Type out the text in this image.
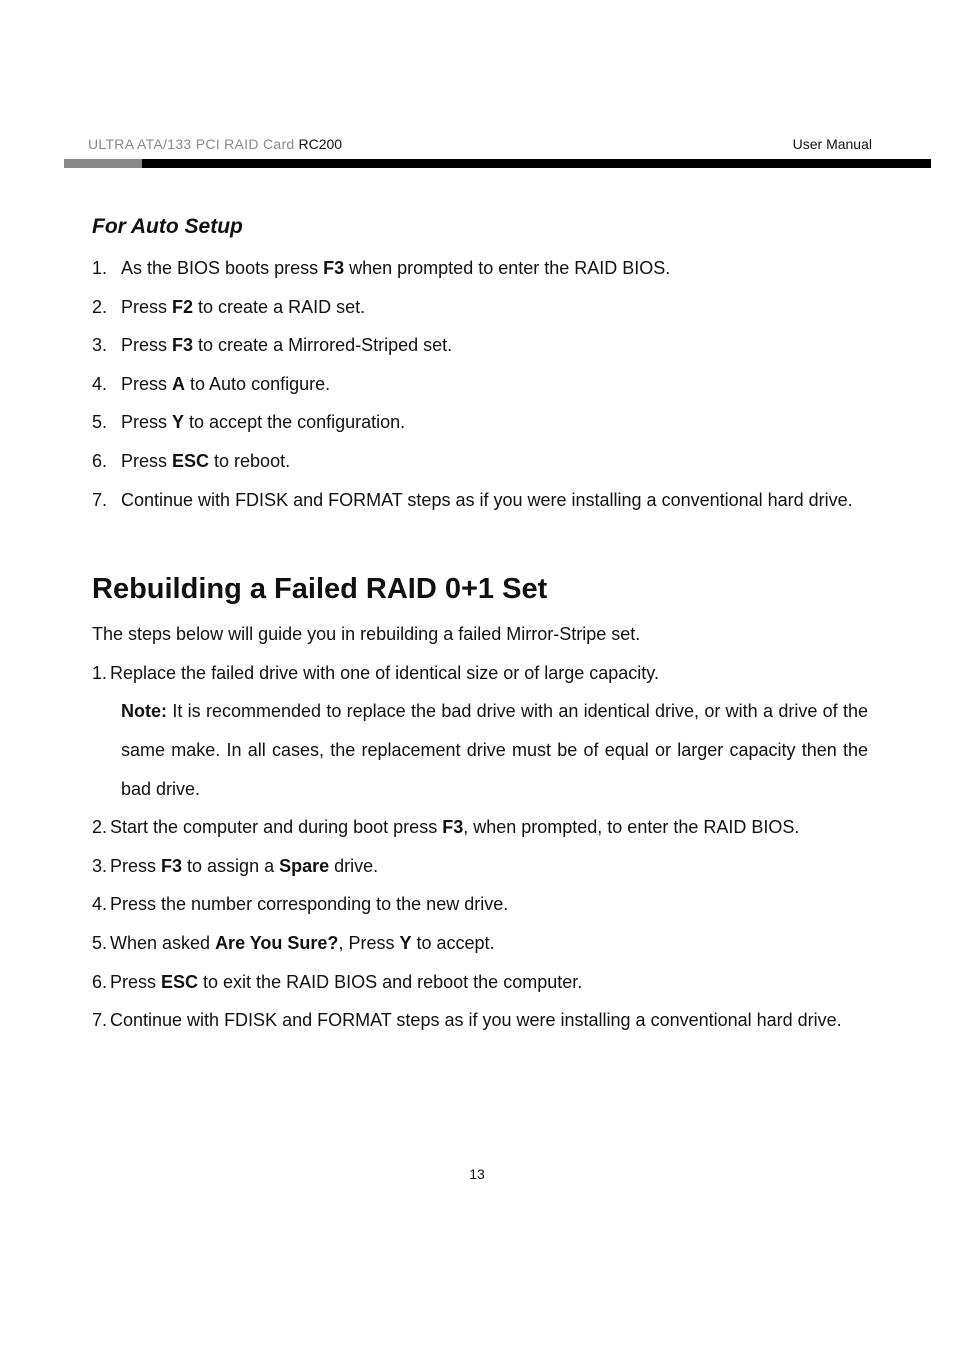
ULTRA ATA/133 PCI RAID Card RC200	User Manual
For Auto Setup
1. As the BIOS boots press F3 when prompted to enter the RAID BIOS.
2. Press F2 to create a RAID set.
3. Press F3 to create a Mirrored-Striped set.
4. Press A to Auto configure.
5. Press Y to accept the configuration.
6. Press ESC to reboot.
7. Continue with FDISK and FORMAT steps as if you were installing a conventional hard drive.
Rebuilding a Failed RAID 0+1 Set

The steps below will guide you in rebuilding a failed Mirror-Stripe set.

1. Replace the failed drive with one of identical size or of large capacity.
Note: It is recommended to replace the bad drive with an identical drive, or with a drive of the same make. In all cases, the replacement drive must be of equal or larger capacity then the bad drive.
2. Start the computer and during boot press F3, when prompted, to enter the RAID BIOS.
3. Press F3 to assign a Spare drive.
4. Press the number corresponding to the new drive.
5. When asked Are You Sure?, Press Y to accept.
6. Press ESC to exit the RAID BIOS and reboot the computer.
7. Continue with FDISK and FORMAT steps as if you were installing a conventional hard drive.
13
